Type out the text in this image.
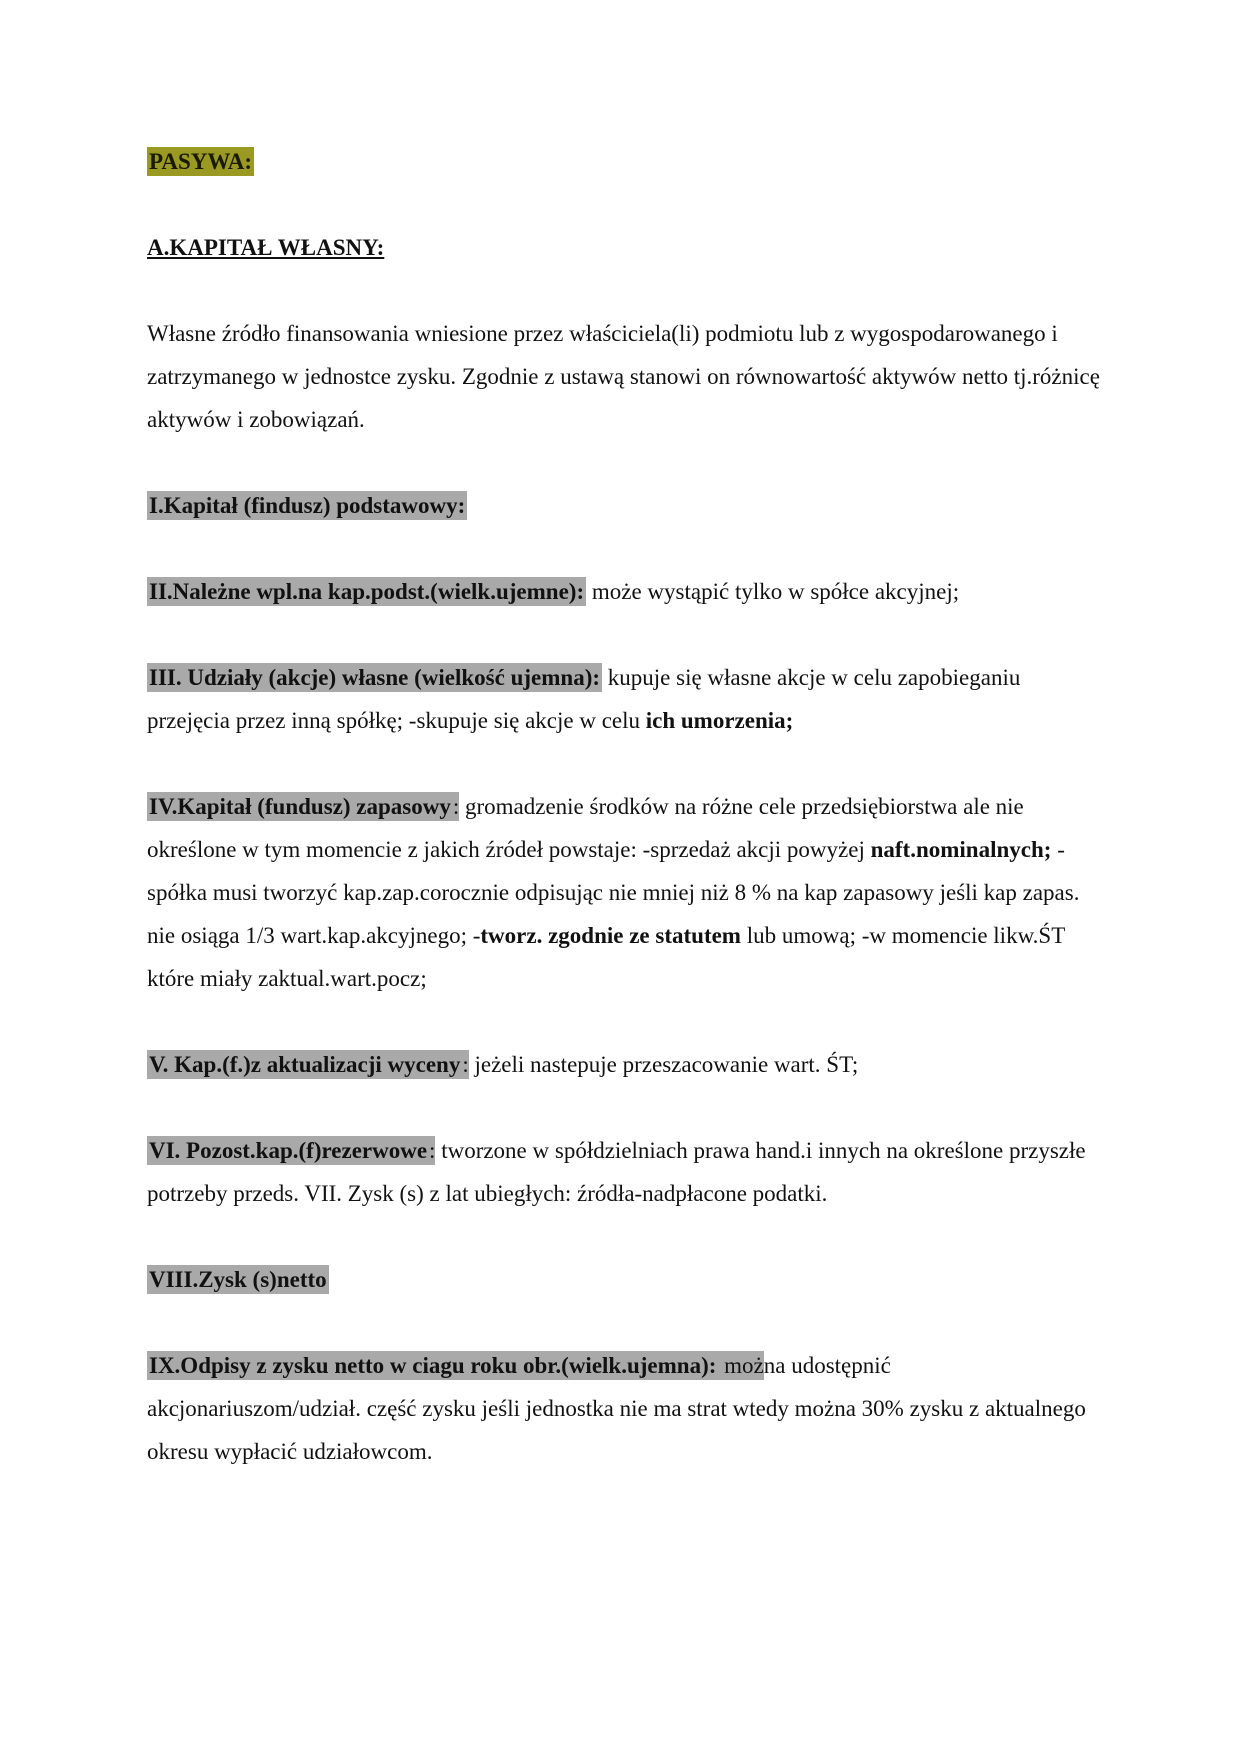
PASYWA:

A.KAPITAŁ WŁASNY:

Własne źródło finansowania wniesione przez właściciela(li) podmiotu lub z wygospodarowanego i zatrzymanego w jednostce zysku. Zgodnie z ustawą stanowi on równowartość aktywów netto tj.różnicę aktywów i zobowiązań.

I.Kapitał (findusz) podstawowy:

II.Należne wpl.na kap.podst.(wielk.ujemne): może wystąpić tylko w spółce akcyjnej;

III. Udziały (akcje) własne (wielkość ujemna): kupuje się własne akcje w celu zapobieganiu przejęcia przez inną spółkę; -skupuje się akcje w celu ich umorzenia;

IV.Kapitał (fundusz) zapasowy: gromadzenie środków na różne cele przedsiębiorstwa ale nie określone w tym momencie z jakich źródeł powstaje: -sprzedaż akcji powyżej naft.nominalnych; -spółka musi tworzyć kap.zap.corocznie odpisując nie mniej niż 8 % na kap zapasowy jeśli kap zapas. nie osiąga 1/3 wart.kap.akcyjnego; -tworz. zgodnie ze statutem lub umową; -w momencie likw.ŚT które miały zaktual.wart.pocz;

V. Kap.(f.)z aktualizacji wyceny: jeżeli nastepuje przeszacowanie wart. ŚT;

VI. Pozost.kap.(f)rezerwowe: tworzone w spółdzielniach prawa hand.i innych na określone przyszłe potrzeby przeds. VII. Zysk (s) z lat ubiegłych: źródła-nadpłacone podatki.

VIII.Zysk (s)netto

IX.Odpisy z zysku netto w ciagu roku obr.(wielk.ujemna): można udostępnić akcjonariuszom/udział. część zysku jeśli jednostka nie ma strat wtedy można 30% zysku z aktualnego okresu wypłacić udziałowcom.
